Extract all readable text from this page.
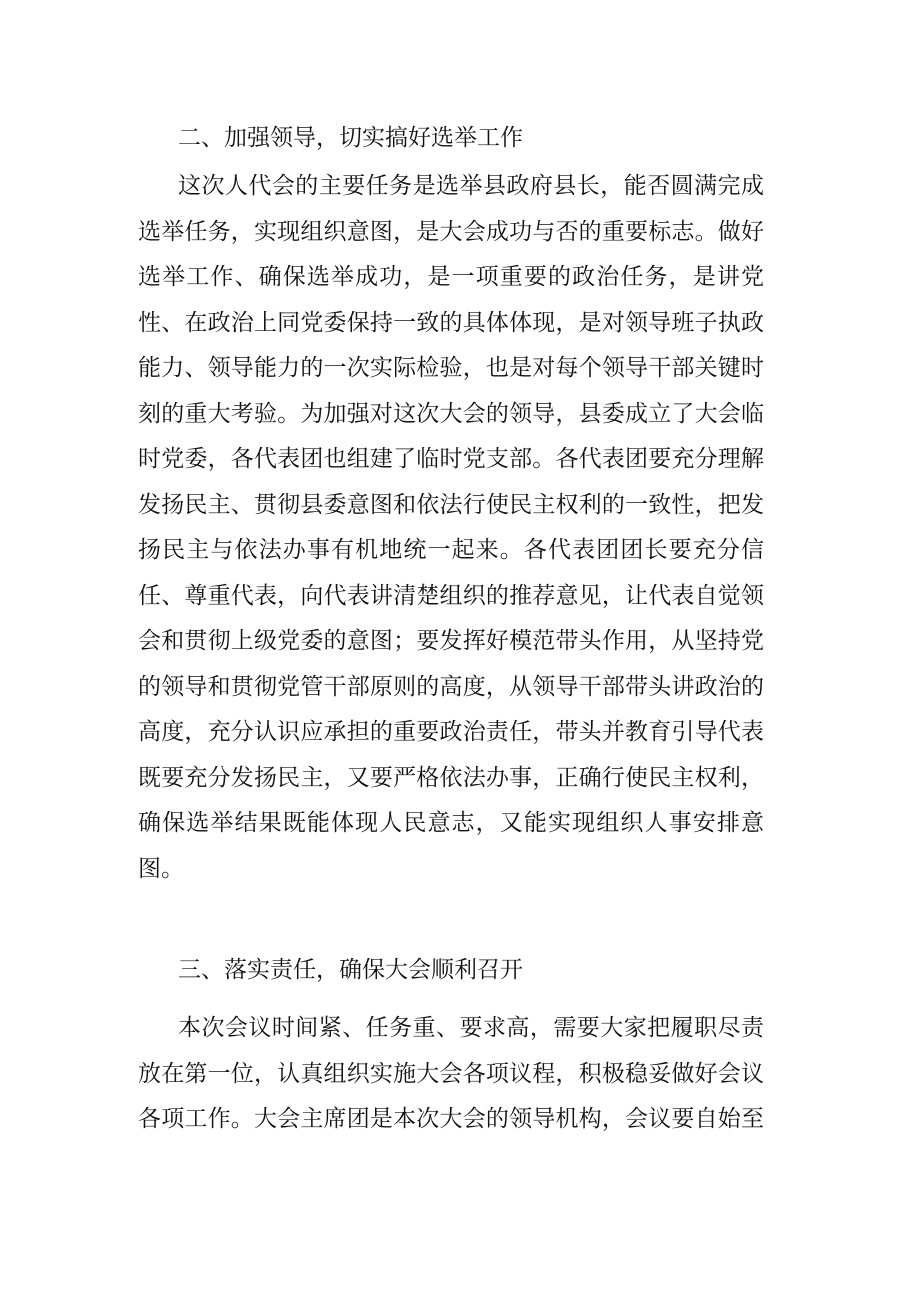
二、加强领导，切实搞好选举工作
这次人代会的主要任务是选举县政府县长，能否圆满完成
选举任务，实现组织意图，是大会成功与否的重要标志。做好
选举工作、确保选举成功，是一项重要的政治任务，是讲党
性、在政治上同党委保持一致的具体体现，是对领导班子执政
能力、领导能力的一次实际检验，也是对每个领导干部关键时
刻的重大考验。为加强对这次大会的领导，县委成立了大会临
时党委，各代表团也组建了临时党支部。各代表团要充分理解
发扬民主、贯彻县委意图和依法行使民主权利的一致性，把发
扬民主与依法办事有机地统一起来。各代表团团长要充分信
任、尊重代表，向代表讲清楚组织的推荐意见，让代表自觉领
会和贯彻上级党委的意图；要发挥好模范带头作用，从坚持党
的领导和贯彻党管干部原则的高度，从领导干部带头讲政治的
高度，充分认识应承担的重要政治责任，带头并教育引导代表
既要充分发扬民主，又要严格依法办事，正确行使民主权利，
确保选举结果既能体现人民意志，又能实现组织人事安排意
图。
三、落实责任，确保大会顺利召开
本次会议时间紧、任务重、要求高，需要大家把履职尽责
放在第一位，认真组织实施大会各项议程，积极稳妥做好会议
各项工作。大会主席团是本次大会的领导机构，会议要自始至
